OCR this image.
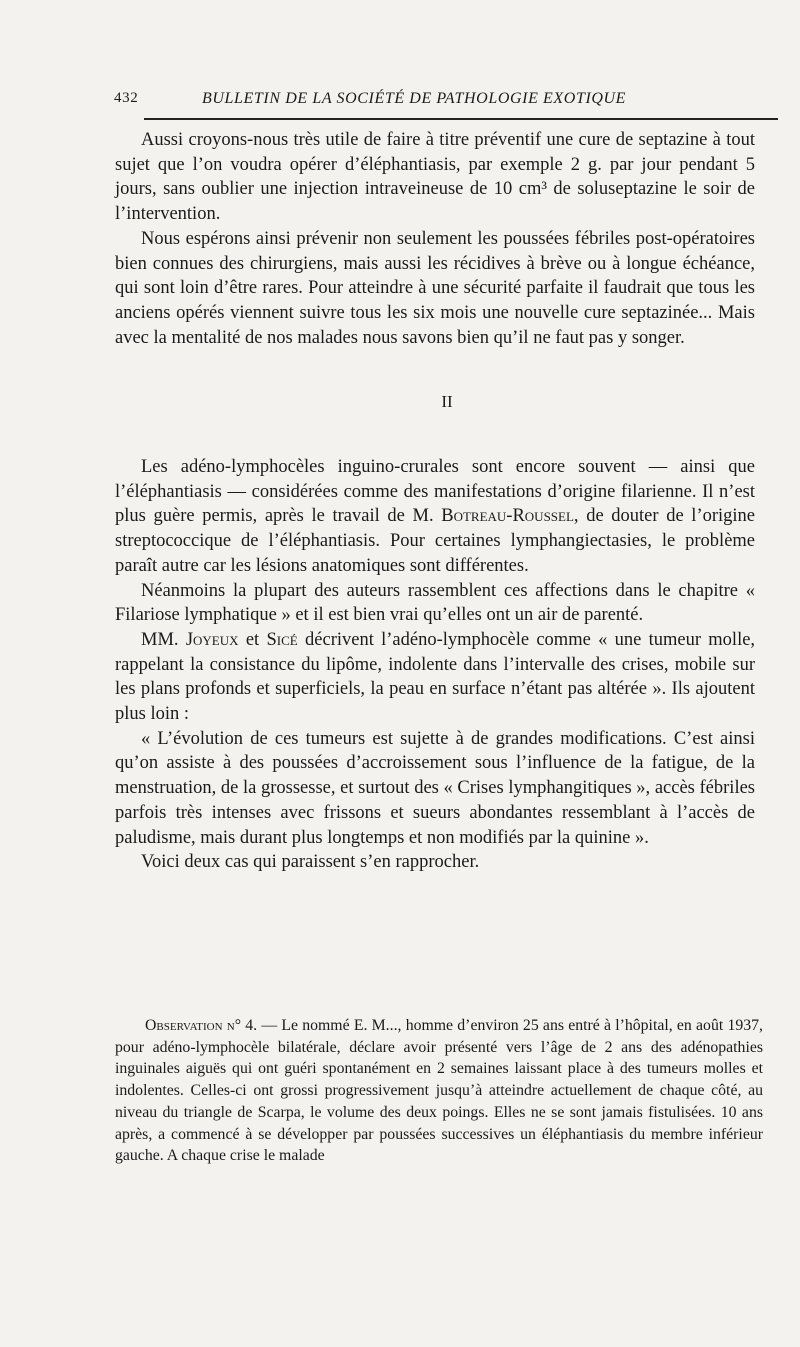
432	BULLETIN DE LA SOCIÉTÉ DE PATHOLOGIE EXOTIQUE

Aussi croyons-nous très utile de faire à titre préventif une cure de septazine à tout sujet que l’on voudra opérer d’éléphantiasis, par exemple 2 g. par jour pendant 5 jours, sans oublier une injection intraveineuse de 10 cm³ de soluseptazine le soir de l’intervention.

Nous espérons ainsi prévenir non seulement les poussées fébriles post-opératoires bien connues des chirurgiens, mais aussi les récidives à brève ou à longue échéance, qui sont loin d’être rares. Pour atteindre à une sécurité parfaite il faudrait que tous les anciens opérés viennent suivre tous les six mois une nouvelle cure septazinée... Mais avec la mentalité de nos malades nous savons bien qu’il ne faut pas y songer.

II

Les adéno-lymphocèles inguino-crurales sont encore souvent — ainsi que l’éléphantiasis — considérées comme des manifestations d’origine filarienne. Il n’est plus guère permis, après le travail de M. Botreau-Roussel, de douter de l’origine streptococcique de l’éléphantiasis. Pour certaines lymphangiectasies, le problème paraît autre car les lésions anatomiques sont différentes.

Néanmoins la plupart des auteurs rassemblent ces affections dans le chapitre « Filariose lymphatique » et il est bien vrai qu’elles ont un air de parenté.

MM. Joyeux et Sicé décrivent l’adéno-lymphocèle comme « une tumeur molle, rappelant la consistance du lipôme, indolente dans l’intervalle des crises, mobile sur les plans profonds et superficiels, la peau en surface n’étant pas altérée ». Ils ajoutent plus loin :

« L’évolution de ces tumeurs est sujette à de grandes modifications. C’est ainsi qu’on assiste à des poussées d’accroissement sous l’influence de la fatigue, de la menstruation, de la grossesse, et surtout des « Crises lymphangitiques », accès fébriles parfois très intenses avec frissons et sueurs abondantes ressemblant à l’accès de paludisme, mais durant plus longtemps et non modifiés par la quinine ».

Voici deux cas qui paraissent s’en rapprocher.

Observation n° 4. — Le nommé E. M..., homme d’environ 25 ans entré à l’hôpital, en août 1937, pour adéno-lymphocèle bilatérale, déclare avoir présenté vers l’âge de 2 ans des adénopathies inguinales aiguës qui ont guéri spontanément en 2 semaines laissant place à des tumeurs molles et indolentes. Celles-ci ont grossi progressivement jusqu’à atteindre actuellement de chaque côté, au niveau du triangle de Scarpa, le volume des deux poings. Elles ne se sont jamais fistulisées. 10 ans après, a commencé à se développer par poussées successives un éléphantiasis du membre inférieur gauche. A chaque crise le malade
